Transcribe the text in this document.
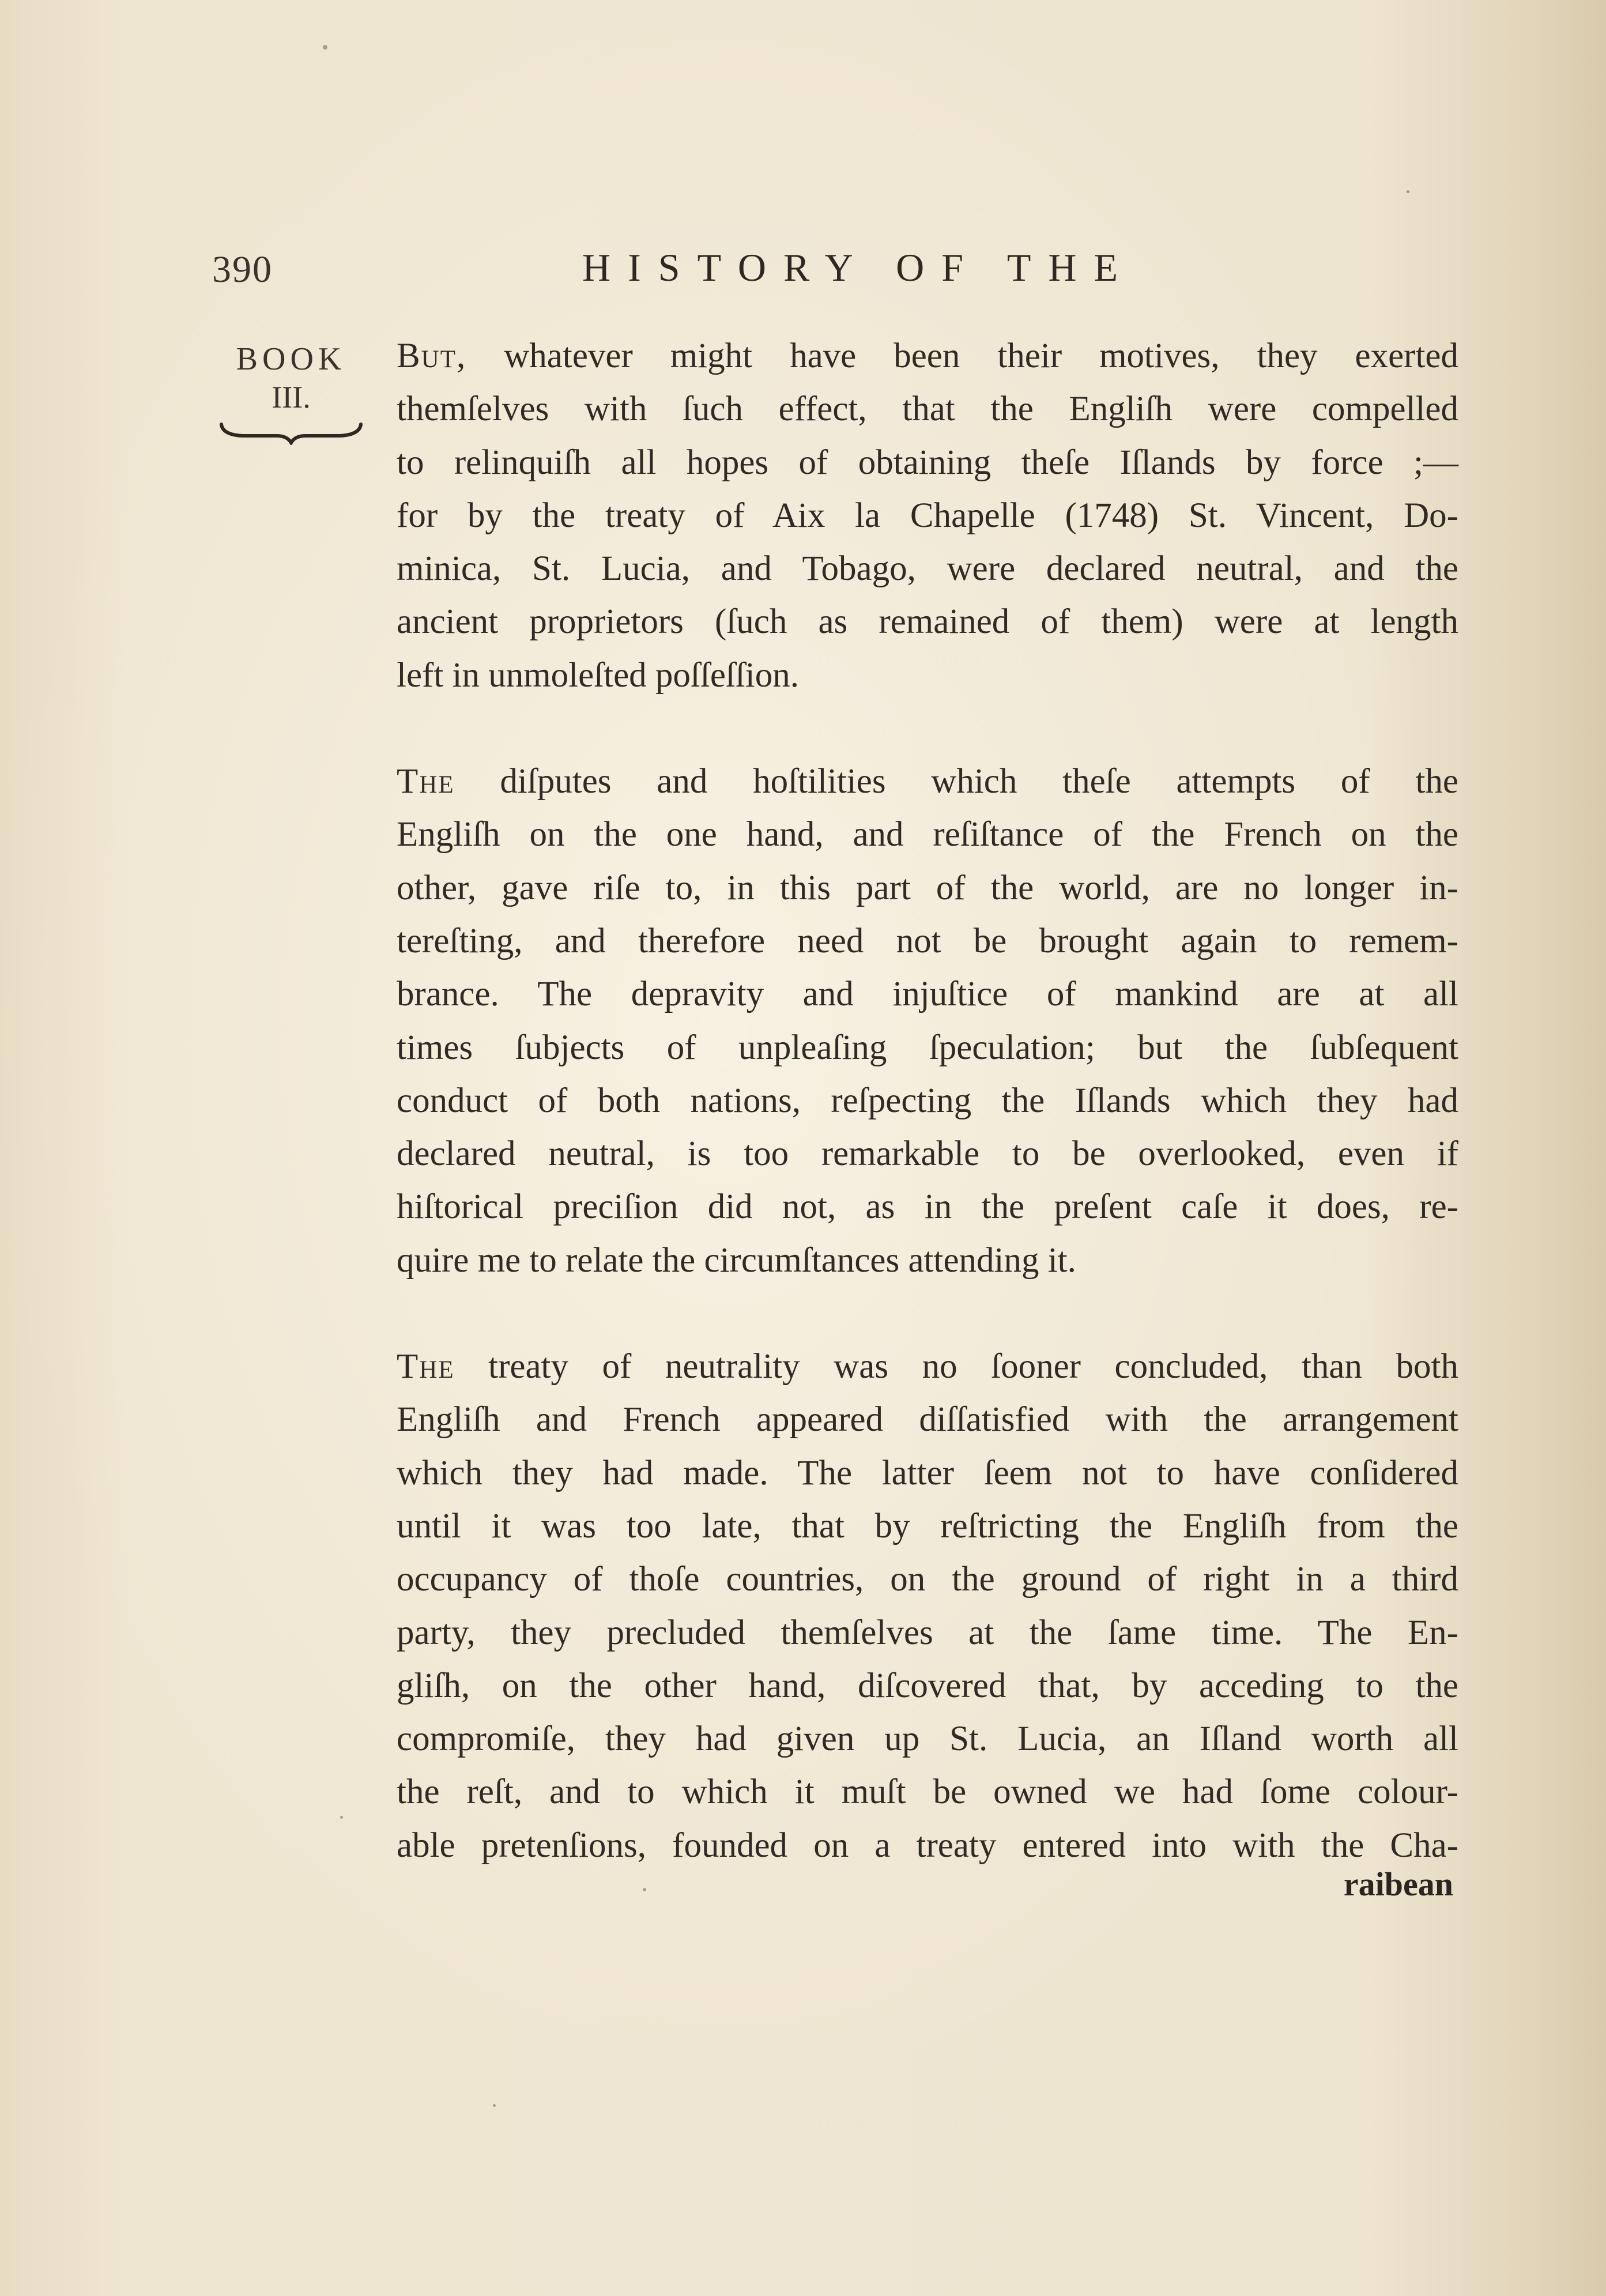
390	HISTORY OF THE
BOOK
III.
But, whatever might have been their motives, they exerted
themſelves with ſuch effect, that the Engliſh were compelled
to relinquiſh all hopes of obtaining theſe Iſlands by force ;—
for by the treaty of Aix la Chapelle (1748) St. Vincent, Do-
minica, St. Lucia, and Tobago, were declared neutral, and the
ancient proprietors (ſuch as remained of them) were at length
left in unmoleſted poſſeſſion.
The diſputes and hoſtilities which theſe attempts of the
Engliſh on the one hand, and reſiſtance of the French on the
other, gave riſe to, in this part of the world, are no longer in-
tereſting, and therefore need not be brought again to remem-
brance. The depravity and injuſtice of mankind are at all
times ſubjects of unpleaſing ſpeculation; but the ſubſequent
conduct of both nations, reſpecting the Iſlands which they had
declared neutral, is too remarkable to be overlooked, even if
hiſtorical preciſion did not, as in the preſent caſe it does, re-
quire me to relate the circumſtances attending it.
The treaty of neutrality was no ſooner concluded, than both
Engliſh and French appeared diſſatisfied with the arrangement
which they had made. The latter ſeem not to have conſidered
until it was too late, that by reſtricting the Engliſh from the
occupancy of thoſe countries, on the ground of right in a third
party, they precluded themſelves at the ſame time. The En-
gliſh, on the other hand, diſcovered that, by acceding to the
compromiſe, they had given up St. Lucia, an Iſland worth all
the reſt, and to which it muſt be owned we had ſome colour-
able pretenſions, founded on a treaty entered into with the Cha-
raibean
